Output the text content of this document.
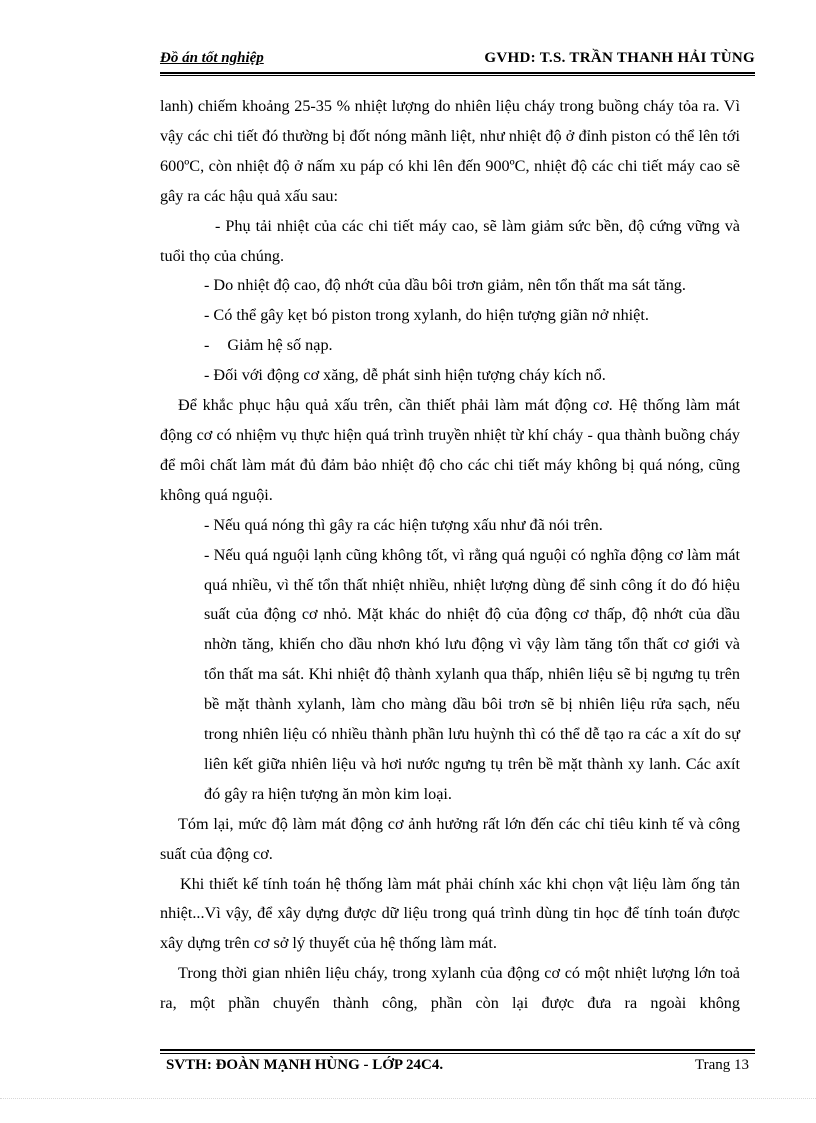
Đồ án tốt nghiệp	GVHD: T.S. TRẦN THANH HẢI TÙNG

lanh) chiếm khoảng 25-35 % nhiệt lượng do nhiên liệu cháy trong buồng cháy tỏa ra. Vì vậy các chi tiết đó thường bị đốt nóng mãnh liệt, như nhiệt độ ở đỉnh piston có thể lên tới 600ºC, còn nhiệt độ ở nấm xu páp có khi lên đến 900ºC, nhiệt độ các chi tiết máy cao sẽ gây ra các hậu quả xấu sau:

- Phụ tải nhiệt của các chi tiết máy cao, sẽ làm giảm sức bền, độ cứng vững và tuổi thọ của chúng.

- Do nhiệt độ cao, độ nhớt của dầu bôi trơn giảm, nên tổn thất ma sát tăng.

- Có thể gây kẹt bó piston trong xylanh, do hiện tượng giãn nở nhiệt.

- Giảm hệ số nạp.

- Đối với động cơ xăng, dễ phát sinh hiện tượng cháy kích nổ.

Để khắc phục hậu quả xấu trên, cần thiết phải làm mát động cơ. Hệ thống làm mát động cơ có nhiệm vụ thực hiện quá trình truyền nhiệt từ khí cháy - qua thành buồng cháy để môi chất làm mát đủ đảm bảo nhiệt độ cho các chi tiết máy không bị quá nóng, cũng không quá nguội.

- Nếu quá nóng thì gây ra các hiện tượng xấu như đã nói trên.

- Nếu quá nguội lạnh cũng không tốt, vì rằng quá nguội có nghĩa động cơ làm mát quá nhiều, vì thế tổn thất nhiệt nhiều, nhiệt lượng dùng để sinh công ít do đó hiệu suất của động cơ nhỏ. Mặt khác do nhiệt độ của động cơ thấp, độ nhớt của dầu nhờn tăng, khiến cho dầu nhơn khó lưu động vì vậy làm tăng tổn thất cơ giới và tổn thất ma sát. Khi nhiệt độ thành xylanh qua thấp, nhiên liệu sẽ bị ngưng tụ trên bề mặt thành xylanh, làm cho màng dầu bôi trơn sẽ bị nhiên liệu rửa sạch, nếu trong nhiên liệu có nhiều thành phần lưu huỳnh thì có thể dễ tạo ra các a xít do sự liên kết giữa nhiên liệu và hơi nước ngưng tụ trên bề mặt thành xy lanh. Các axít đó gây ra hiện tượng ăn mòn kim loại.

Tóm lại, mức độ làm mát động cơ ảnh hưởng rất lớn đến các chỉ tiêu kinh tế và công suất của động cơ.

Khi thiết kế tính toán hệ thống làm mát phải chính xác khi chọn vật liệu làm ống tản nhiệt...Vì vậy, để xây dựng được dữ liệu trong quá trình dùng tin học để tính toán được xây dựng trên cơ sở lý thuyết của hệ thống làm mát.

Trong thời gian nhiên liệu cháy, trong xylanh của động cơ có một nhiệt lượng lớn toả ra, một phần chuyển thành công, phần còn lại được đưa ra ngoài không

SVTH: ĐOÀN MẠNH HÙNG - LỚP 24C4.	Trang 13
